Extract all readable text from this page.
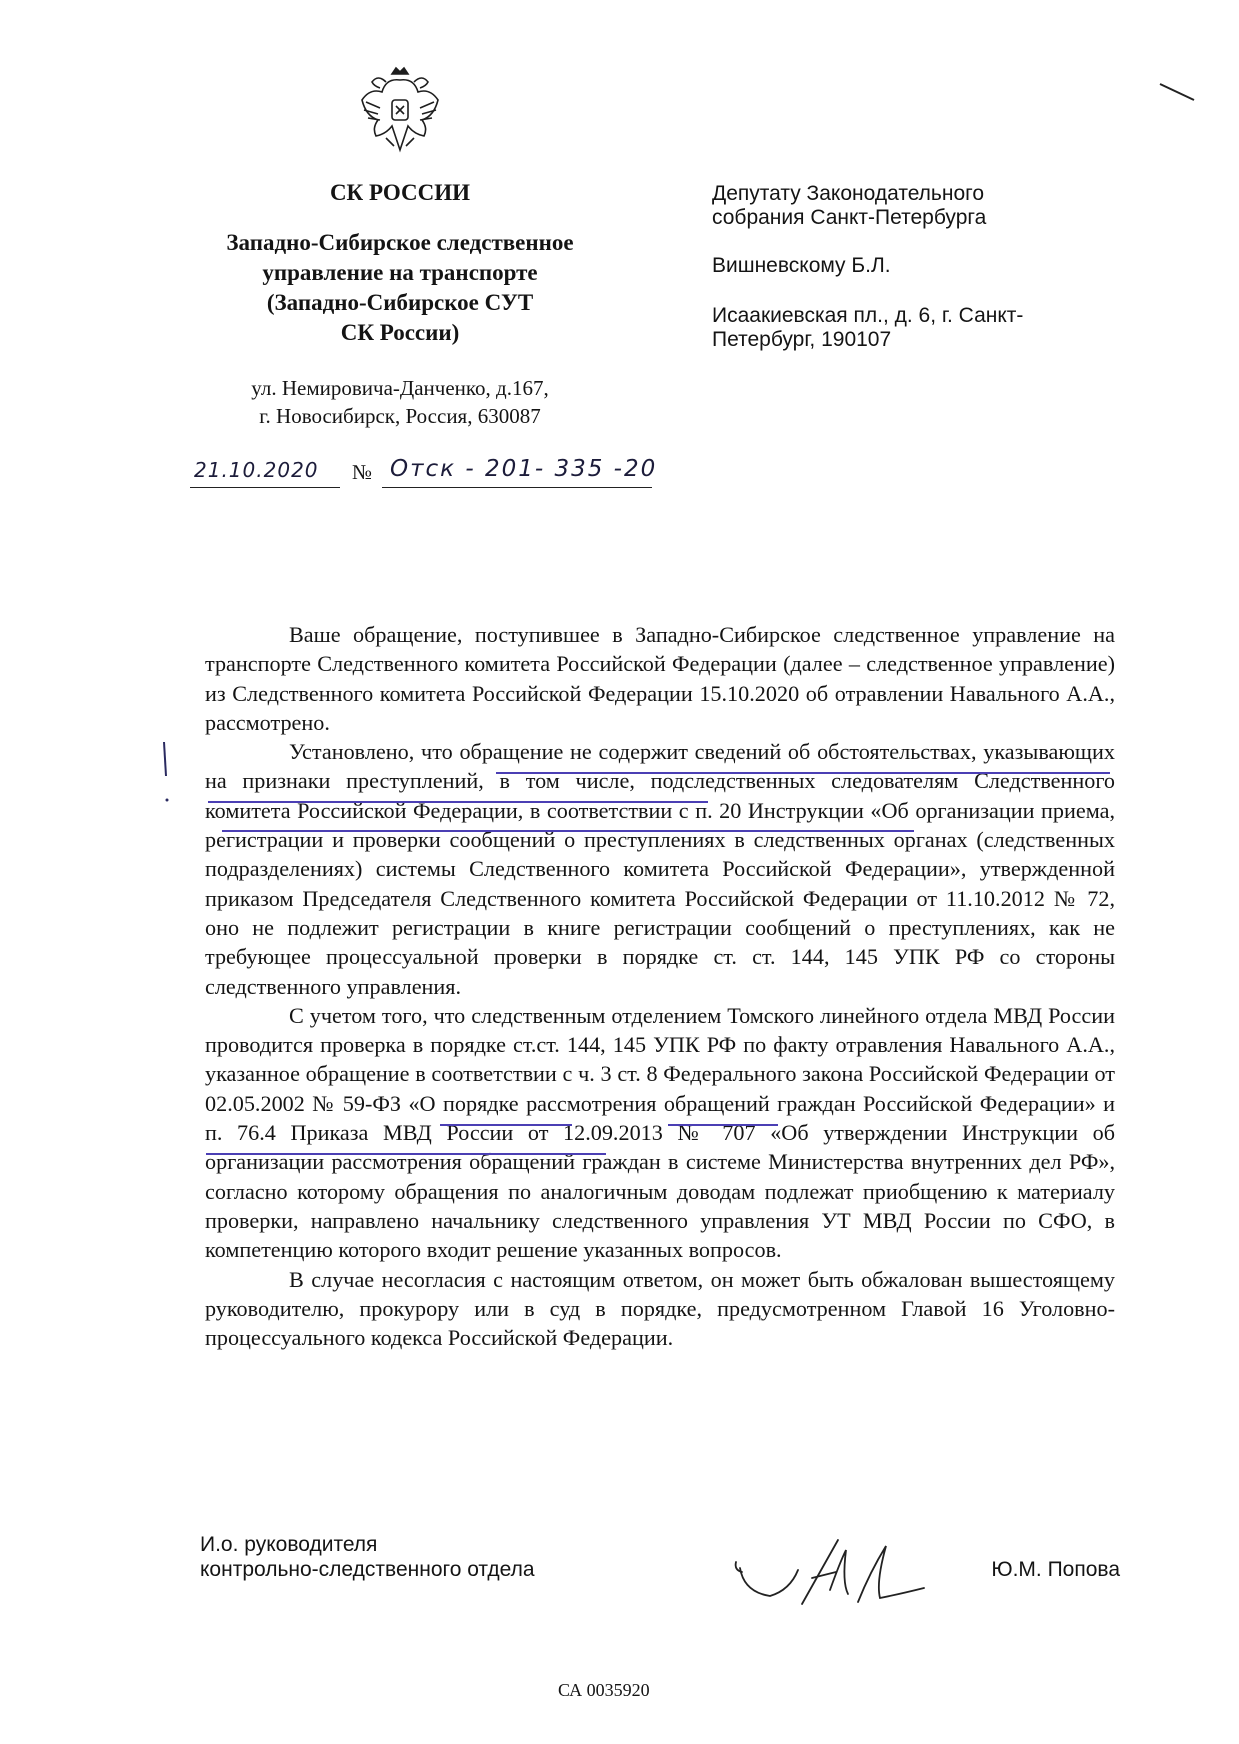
СК РОССИИ

Западно-Сибирское следственное
управление на транспорте
(Западно-Сибирское СУТ
СК России)

ул. Немировича-Данченко, д.167,
г. Новосибирск, Россия, 630087

21.10.2020 № Отск - 201- 335 -20

Депутату Законодательного
собрания Санкт-Петербурга

Вишневскому Б.Л.

Исаакиевская пл., д. 6, г. Санкт-
Петербург, 190107

Ваше обращение, поступившее в Западно-Сибирское следственное управление на транспорте Следственного комитета Российской Федерации (далее – следственное управление) из Следственного комитета Российской Федерации 15.10.2020 об отравлении Навального А.А., рассмотрено.

Установлено, что обращение не содержит сведений об обстоятельствах, указывающих на признаки преступлений, в том числе, подследственных следователям Следственного комитета Российской Федерации, в соответствии с п. 20 Инструкции «Об организации приема, регистрации и проверки сообщений о преступлениях в следственных органах (следственных подразделениях) системы Следственного комитета Российской Федерации», утвержденной приказом Председателя Следственного комитета Российской Федерации от 11.10.2012 № 72, оно не подлежит регистрации в книге регистрации сообщений о преступлениях, как не требующее процессуальной проверки в порядке ст. ст. 144, 145 УПК РФ со стороны следственного управления.

С учетом того, что следственным отделением Томского линейного отдела МВД России проводится проверка в порядке ст.ст. 144, 145 УПК РФ по факту отравления Навального А.А., указанное обращение в соответствии с ч. 3 ст. 8 Федерального закона Российской Федерации от 02.05.2002 № 59-ФЗ «О порядке рассмотрения обращений граждан Российской Федерации» и п. 76.4 Приказа МВД России от 12.09.2013 № 707 «Об утверждении Инструкции об организации рассмотрения обращений граждан в системе Министерства внутренних дел РФ», согласно которому обращения по аналогичным доводам подлежат приобщению к материалу проверки, направлено начальнику следственного управления УТ МВД России по СФО, в компетенцию которого входит решение указанных вопросов.

В случае несогласия с настоящим ответом, он может быть обжалован вышестоящему руководителю, прокурору или в суд в порядке, предусмотренном Главой 16 Уголовно-процессуального кодекса Российской Федерации.

И.о. руководителя
контрольно-следственного отдела	Ю.М. Попова
СА 0035920
